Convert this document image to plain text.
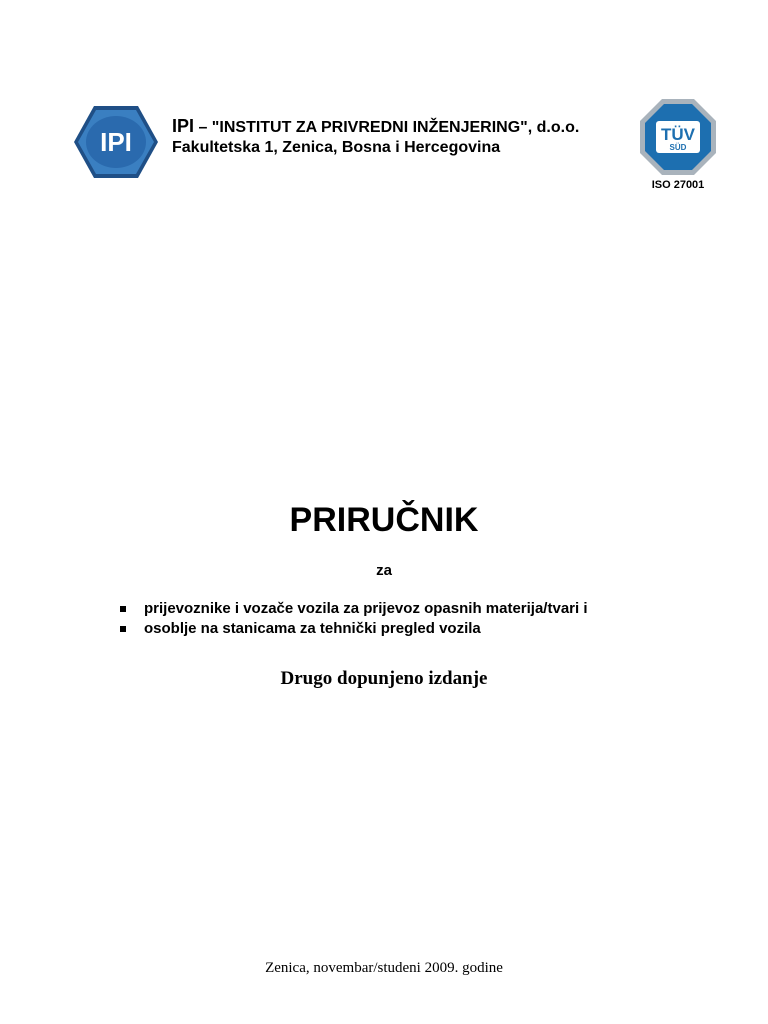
IPI
IPI – "INSTITUT ZA PRIVREDNI INŽENJERING", d.o.o.
Fakultetska 1, Zenica, Bosna i Hercegovina
TÜV
SÜD
ISO 27001
PRIRUČNIK
za
prijevoznike i vozače vozila za prijevoz opasnih materija/tvari i
osoblje na stanicama za tehnički pregled vozila
Drugo dopunjeno izdanje
Zenica, novembar/studeni 2009. godine
